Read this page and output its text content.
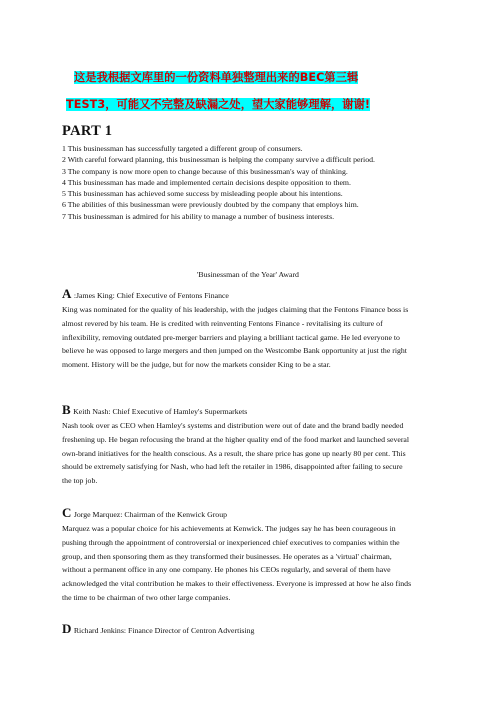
这是我根据文库里的一份资料单独整理出来的BEC第三辑
TEST3，可能又不完整及缺漏之处，望大家能够理解，谢谢!
PART 1
1 This businessman has successfully targeted a different group of consumers.
2 With careful forward planning, this businessman is helping the company survive a difficult period.
3 The company is now more open to change because of this businessman's way of thinking.
4 This businessman has made and implemented certain decisions despite opposition to them.
5 This businessman has achieved some success by misleading people about his intentions.
6 The abilities of this businessman were previously doubted by the company that employs him.
7 This businessman is admired for his ability to manage a number of business interests.
'Businessman of the Year' Award
A :James King: Chief Executive of Fentons Finance
King was nominated for the quality of his leadership, with the judges claiming that the Fentons Finance boss is almost revered by his team. He is credited with reinventing Fentons Finance - revitalising its culture of inflexibility, removing outdated pre-merger barriers and playing a brilliant tactical game. He led everyone to believe he was opposed to large mergers and then jumped on the Westcombe Bank opportunity at just the right moment. History will be the judge, but for now the markets consider King to be a star.
B Keith Nash: Chief Executive of Hamley's Supermarkets
Nash took over as CEO when Hamley's systems and distribution were out of date and the brand badly needed freshening up. He began refocusing the brand at the higher quality end of the food market and launched several own-brand initiatives for the health conscious. As a result, the share price has gone up nearly 80 per cent. This should be extremely satisfying for Nash, who had left the retailer in 1986, disappointed after failing to secure the top job.
C Jorge Marquez: Chairman of the Kenwick Group
Marquez was a popular choice for his achievements at Kenwick. The judges say he has been courageous in pushing through the appointment of controversial or inexperienced chief executives to companies within the group, and then sponsoring them as they transformed their businesses. He operates as a 'virtual' chairman, without a permanent office in any one company. He phones his CEOs regularly, and several of them have acknowledged the vital contribution he makes to their effectiveness. Everyone is impressed at how he also finds the time to be chairman of two other large companies.
D Richard Jenkins: Finance Director of Centron Advertising
